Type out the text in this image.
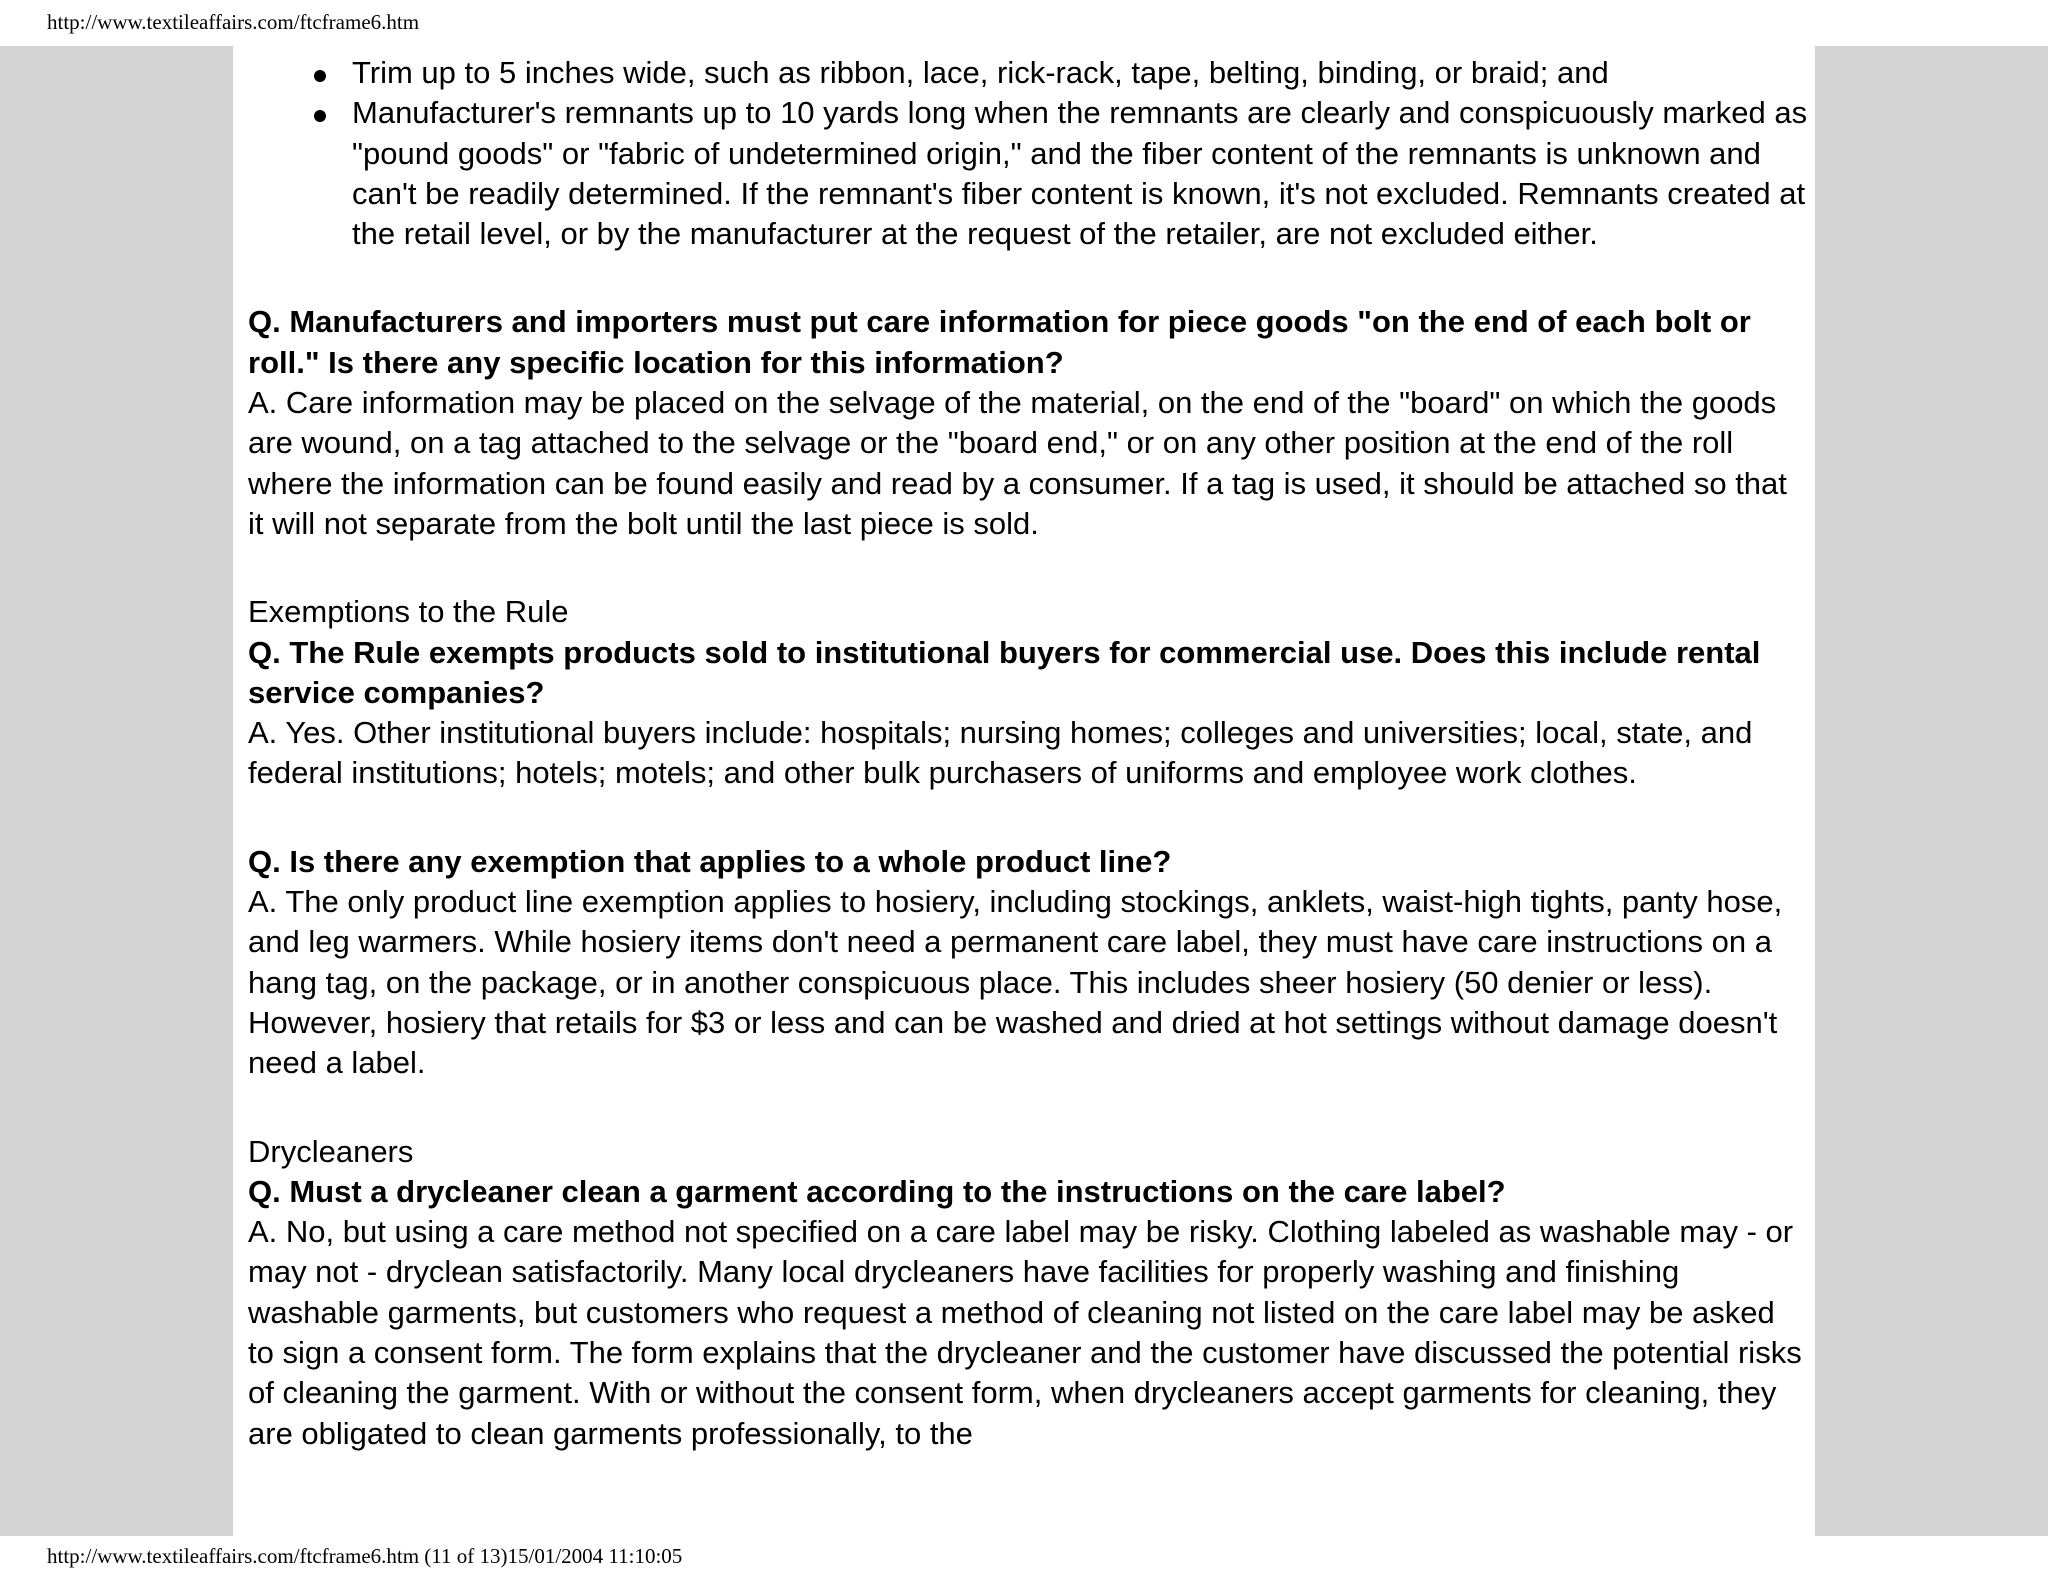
http://www.textileaffairs.com/ftcframe6.htm
Trim up to 5 inches wide, such as ribbon, lace, rick-rack, tape, belting, binding, or braid; and
Manufacturer's remnants up to 10 yards long when the remnants are clearly and conspicuously marked as "pound goods" or "fabric of undetermined origin," and the fiber content of the remnants is unknown and can't be readily determined. If the remnant's fiber content is known, it's not excluded. Remnants created at the retail level, or by the manufacturer at the request of the retailer, are not excluded either.

Q. Manufacturers and importers must put care information for piece goods "on the end of each bolt or roll." Is there any specific location for this information?

A. Care information may be placed on the selvage of the material, on the end of the "board" on which the goods are wound, on a tag attached to the selvage or the "board end," or on any other position at the end of the roll where the information can be found easily and read by a consumer. If a tag is used, it should be attached so that it will not separate from the bolt until the last piece is sold.

Exemptions to the Rule

Q. The Rule exempts products sold to institutional buyers for commercial use. Does this include rental service companies?

A. Yes. Other institutional buyers include: hospitals; nursing homes; colleges and universities; local, state, and federal institutions; hotels; motels; and other bulk purchasers of uniforms and employee work clothes.

Q. Is there any exemption that applies to a whole product line?

A. The only product line exemption applies to hosiery, including stockings, anklets, waist-high tights, panty hose, and leg warmers. While hosiery items don't need a permanent care label, they must have care instructions on a hang tag, on the package, or in another conspicuous place. This includes sheer hosiery (50 denier or less). However, hosiery that retails for $3 or less and can be washed and dried at hot settings without damage doesn't need a label.

Drycleaners

Q. Must a drycleaner clean a garment according to the instructions on the care label?

A. No, but using a care method not specified on a care label may be risky. Clothing labeled as washable may - or may not - dryclean satisfactorily. Many local drycleaners have facilities for properly washing and finishing washable garments, but customers who request a method of cleaning not listed on the care label may be asked to sign a consent form. The form explains that the drycleaner and the customer have discussed the potential risks of cleaning the garment. With or without the consent form, when drycleaners accept garments for cleaning, they are obligated to clean garments professionally, to the

http://www.textileaffairs.com/ftcframe6.htm (11 of 13)15/01/2004 11:10:05
